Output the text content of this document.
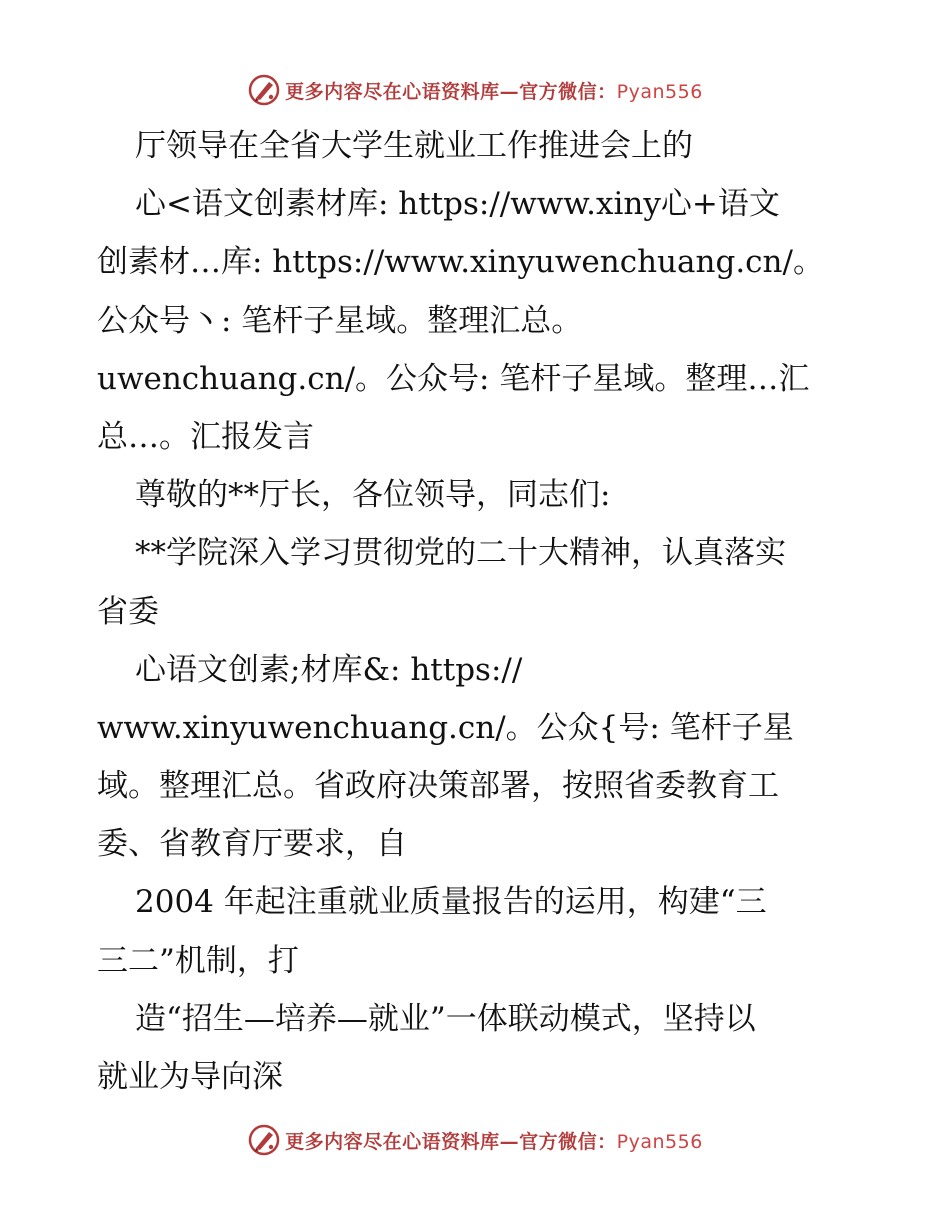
更多内容尽在心语资料库—官方微信：Pyan556
厅领导在全省大学生就业工作推进会上的
心<语文创素材库: https://www.xiny心+语文
创素材…库: https://www.xinyuwenchuang.cn/。
公众号丶: 笔杆子星域。整理汇总。
uwenchuang.cn/。公众号: 笔杆子星域。整理…汇
总…。汇报发言
尊敬的**厅长，各位领导，同志们:
**学院深入学习贯彻党的二十大精神，认真落实
省委
心语文创素;材库&: https://
www.xinyuwenchuang.cn/。公众{号: 笔杆子星
域。整理汇总。省政府决策部署，按照省委教育工
委、省教育厅要求，自
2004 年起注重就业质量报告的运用，构建“三
三二”机制，打
造“招生—培养—就业”一体联动模式，坚持以
就业为导向深
更多内容尽在心语资料库—官方微信：Pyan556
